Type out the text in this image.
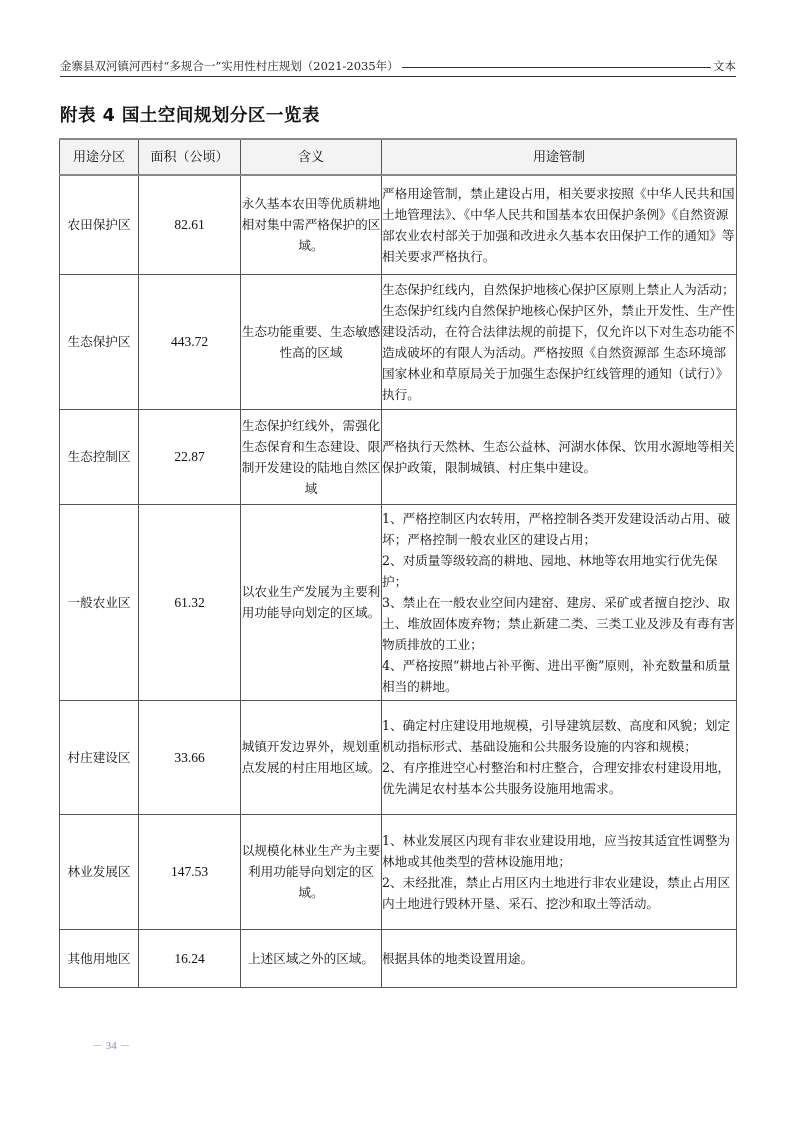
金寨县双河镇河西村“多规合一”实用性村庄规划（2021-2035年）	文本
附表 4 国土空间规划分区一览表
用途分区	面积（公顷）	含义	用途管制
农田保护区	82.61	永久基本农田等优质耕地相对集中需严格保护的区域。	严格用途管制，禁止建设占用，相关要求按照《中华人民共和国土地管理法》、《中华人民共和国基本农田保护条例》《自然资源部农业农村部关于加强和改进永久基本农田保护工作的通知》等相关要求严格执行。

生态保护区	443.72	生态功能重要、生态敏感性高的区域	生态保护红线内，自然保护地核心保护区原则上禁止人为活动；生态保护红线内自然保护地核心保护区外，禁止开发性、生产性建设活动，在符合法律法规的前提下，仅允许以下对生态功能不造成破坏的有限人为活动。严格按照《自然资源部 生态环境部 国家林业和草原局关于加强生态保护红线管理的通知（试行）》执行。

生态控制区	22.87	生态保护红线外，需强化生态保育和生态建设、限制开发建设的陆地自然区域	严格执行天然林、生态公益林、河湖水体保、饮用水源地等相关保护政策，限制城镇、村庄集中建设。

一般农业区	61.32	以农业生产发展为主要利用功能导向划定的区域。	1、严格控制区内农转用，严格控制各类开发建设活动占用、破坏；严格控制一般农业区的建设占用；
2、对质量等级较高的耕地、园地、林地等农用地实行优先保护；
3、禁止在一般农业空间内建窑、建房、采矿或者擅自挖沙、取土、堆放固体废弃物；禁止新建二类、三类工业及涉及有毒有害物质排放的工业；
4、严格按照“耕地占补平衡、进出平衡”原则，补充数量和质量相当的耕地。

村庄建设区	33.66	城镇开发边界外，规划重点发展的村庄用地区域。	1、确定村庄建设用地规模，引导建筑层数、高度和风貌；划定机动指标形式、基础设施和公共服务设施的内容和规模；
2、有序推进空心村整治和村庄整合，合理安排农村建设用地，优先满足农村基本公共服务设施用地需求。

林业发展区	147.53	以规模化林业生产为主要利用功能导向划定的区域。	1、林业发展区内现有非农业建设用地，应当按其适宜性调整为林地或其他类型的营林设施用地；
2、未经批准，禁止占用区内土地进行非农业建设，禁止占用区内土地进行毁林开垦、采石、挖沙和取土等活动。

其他用地区	16.24	上述区域之外的区域。	根据具体的地类设置用途。
－ 34 －
